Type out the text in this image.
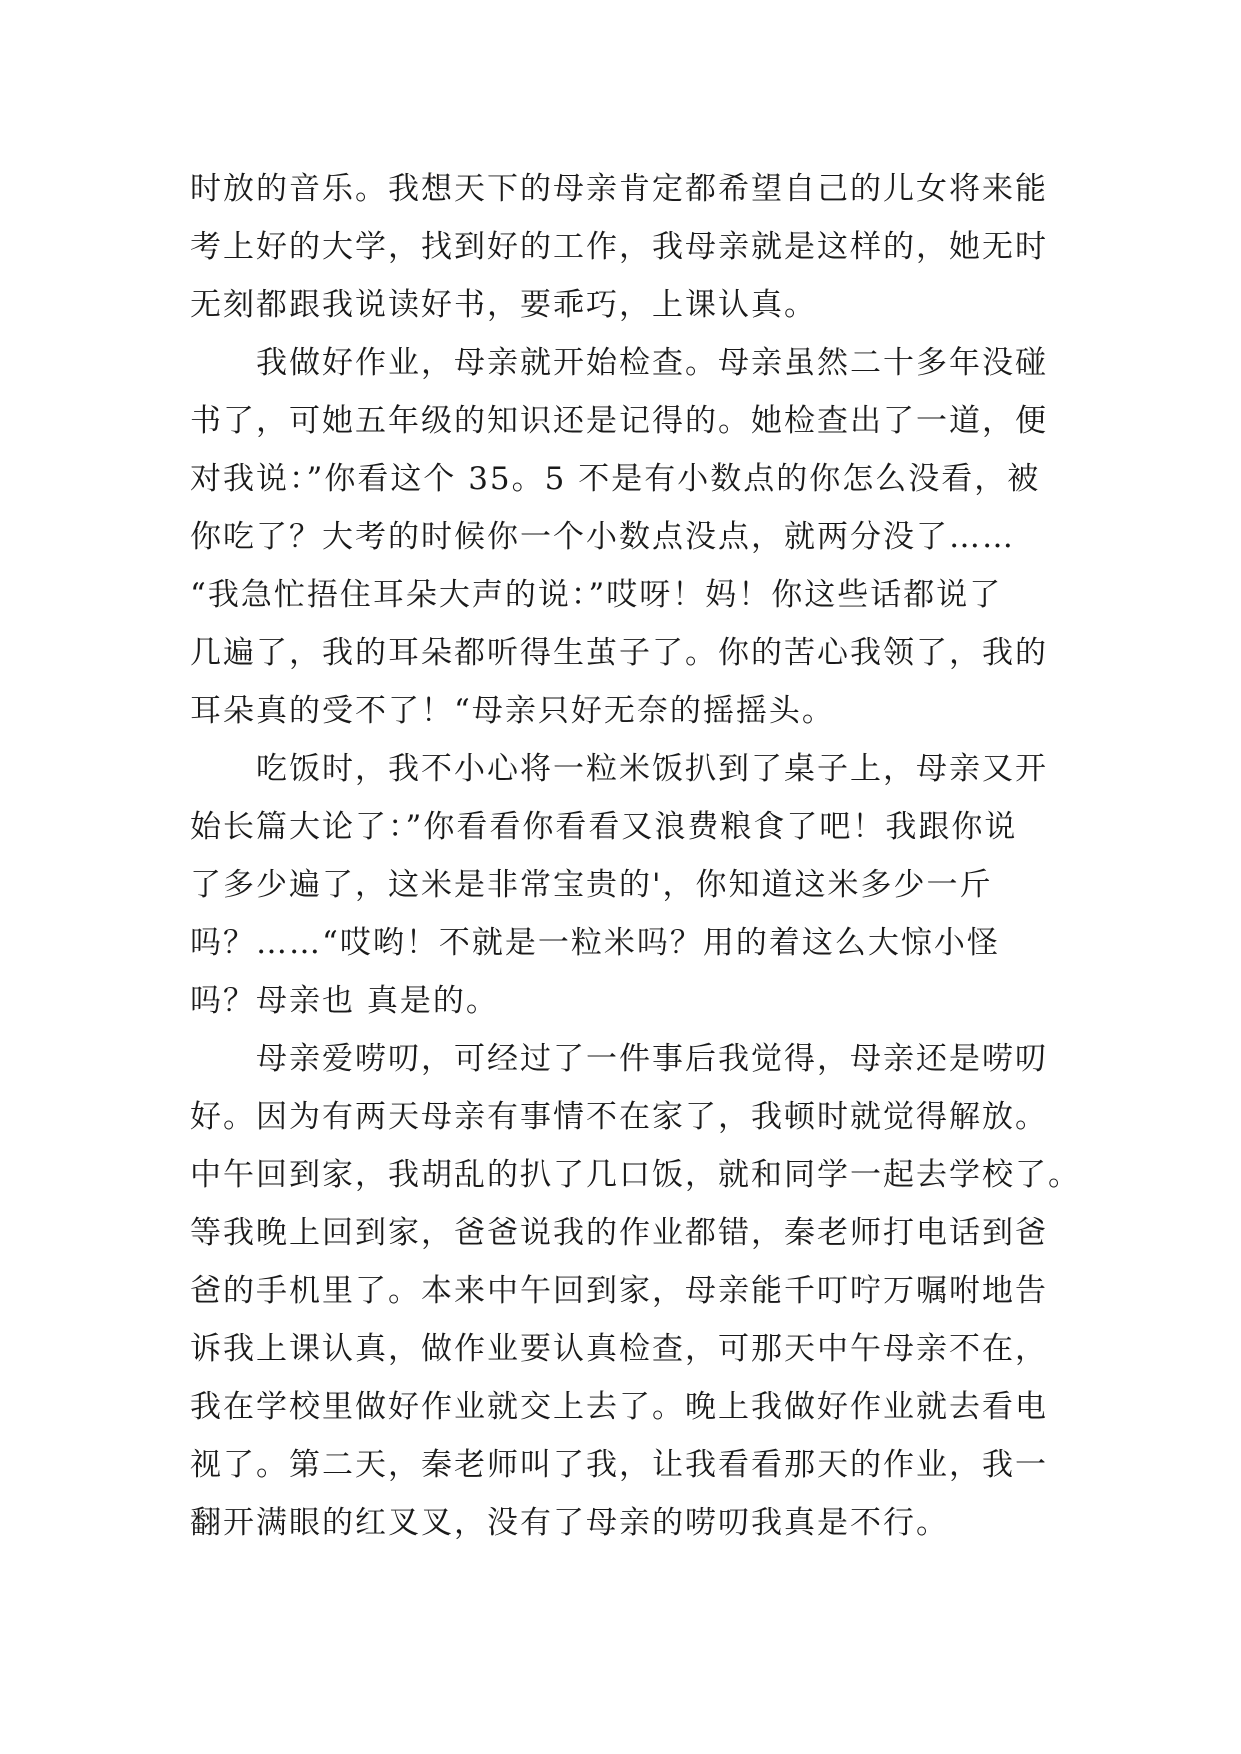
时放的音乐。我想天下的母亲肯定都希望自己的儿女将来能
考上好的大学，找到好的工作，我母亲就是这样的，她无时
无刻都跟我说读好书，要乖巧，上课认真。
我做好作业，母亲就开始检查。母亲虽然二十多年没碰
书了，可她五年级的知识还是记得的。她检查出了一道，便
对我说：”你看这个 35。5 不是有小数点的你怎么没看，被
你吃了？大考的时候你一个小数点没点，就两分没了……
“我急忙捂住耳朵大声的说：”哎呀！妈！你这些话都说了
几遍了，我的耳朵都听得生茧子了。你的苦心我领了，我的
耳朵真的受不了！“母亲只好无奈的摇摇头。
吃饭时，我不小心将一粒米饭扒到了桌子上，母亲又开
始长篇大论了：”你看看你看看又浪费粮食了吧！我跟你说
了多少遍了，这米是非常宝贵的'，你知道这米多少一斤
吗？……“哎哟！不就是一粒米吗？用的着这么大惊小怪
吗？母亲也 真是的。
母亲爱唠叨，可经过了一件事后我觉得，母亲还是唠叨
好。因为有两天母亲有事情不在家了，我顿时就觉得解放。
中午回到家，我胡乱的扒了几口饭，就和同学一起去学校了。
等我晚上回到家，爸爸说我的作业都错，秦老师打电话到爸
爸的手机里了。本来中午回到家，母亲能千叮咛万嘱咐地告
诉我上课认真，做作业要认真检查，可那天中午母亲不在，
我在学校里做好作业就交上去了。晚上我做好作业就去看电
视了。第二天，秦老师叫了我，让我看看那天的作业，我一
翻开满眼的红叉叉，没有了母亲的唠叨我真是不行。
